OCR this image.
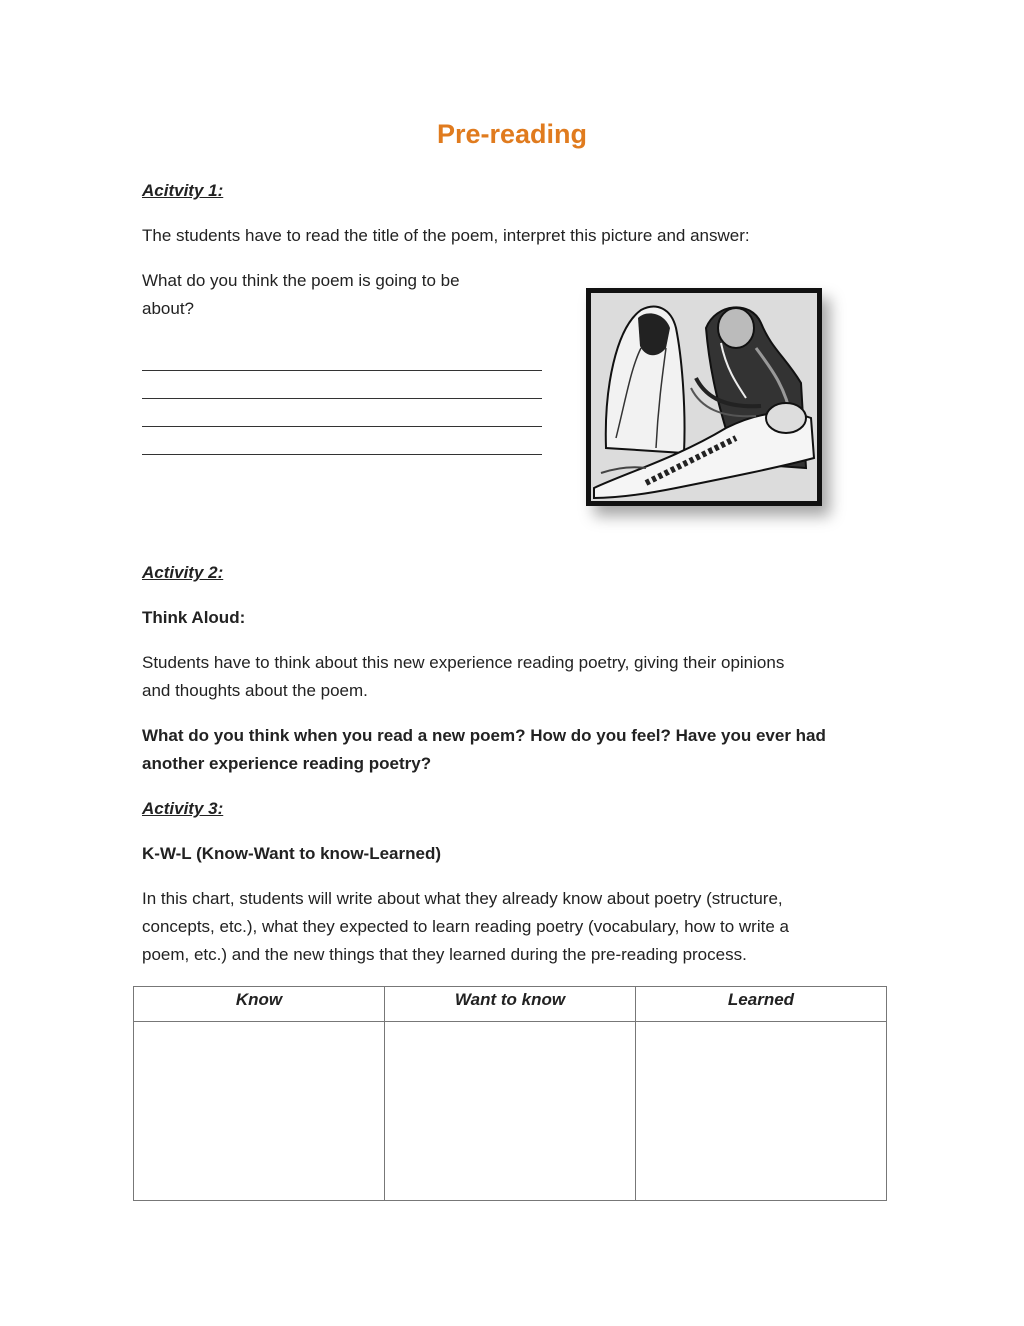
Pre-reading
Acitvity 1:
The students have to read the title of the poem, interpret this picture and answer:
What do you think the poem is going to be
about?
Activity 2:
Think Aloud:
Students have to think about this new experience reading poetry, giving their opinions
and thoughts about the poem.
What do you think when you read a new poem? How do you feel? Have you ever had
another experience reading poetry?
Activity 3:
K-W-L (Know-Want to know-Learned)
In this chart, students will write about what they already know about poetry (structure,
concepts, etc.), what they expected to learn reading poetry (vocabulary, how to write a
poem, etc.) and the new things that they learned during the pre-reading process.
Know	Want to know	Learned
